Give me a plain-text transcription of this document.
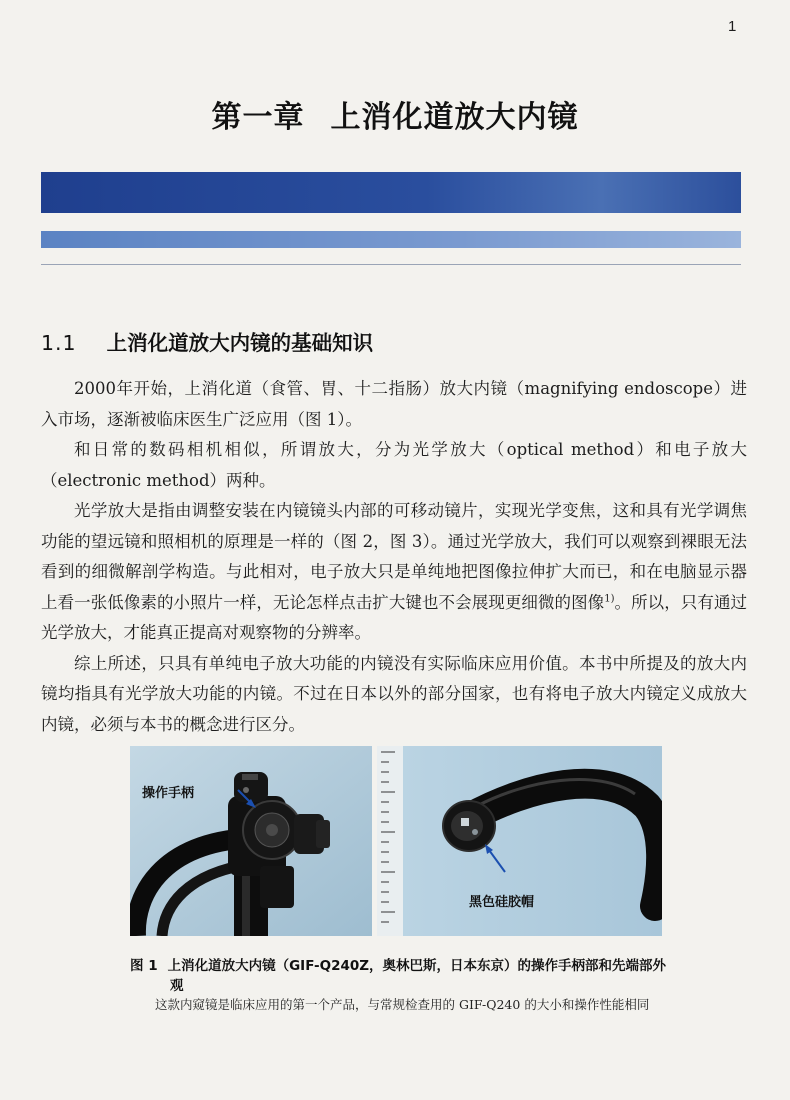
1
第一章 上消化道放大内镜
1.1 上消化道放大内镜的基础知识

2000年开始，上消化道（食管、胃、十二指肠）放大内镜（magnifying endoscope）进入市场，逐渐被临床医生广泛应用（图 1）。

和日常的数码相机相似，所谓放大，分为光学放大（optical method）和电子放大（electronic method）两种。

光学放大是指由调整安装在内镜镜头内部的可移动镜片，实现光学变焦，这和具有光学调焦功能的望远镜和照相机的原理是一样的（图 2，图 3）。通过光学放大，我们可以观察到裸眼无法看到的细微解剖学构造。与此相对，电子放大只是单纯地把图像拉伸扩大而已，和在电脑显示器上看一张低像素的小照片一样，无论怎样点击扩大键也不会展现更细微的图像$^{1)}$。所以，只有通过光学放大，才能真正提高对观察物的分辨率。

综上所述，只具有单纯电子放大功能的内镜没有实际临床应用价值。本书中所提及的放大内镜均指具有光学放大功能的内镜。不过在日本以外的部分国家，也有将电子放大内镜定义成放大内镜，必须与本书的概念进行区分。

操作手柄
黑色硅胶帽
图 1 上消化道放大内镜（GIF-Q240Z，奥林巴斯，日本东京）的操作手柄部和先端部外观
这款内窥镜是临床应用的第一个产品，与常规检查用的 GIF-Q240 的大小和操作性能相同
